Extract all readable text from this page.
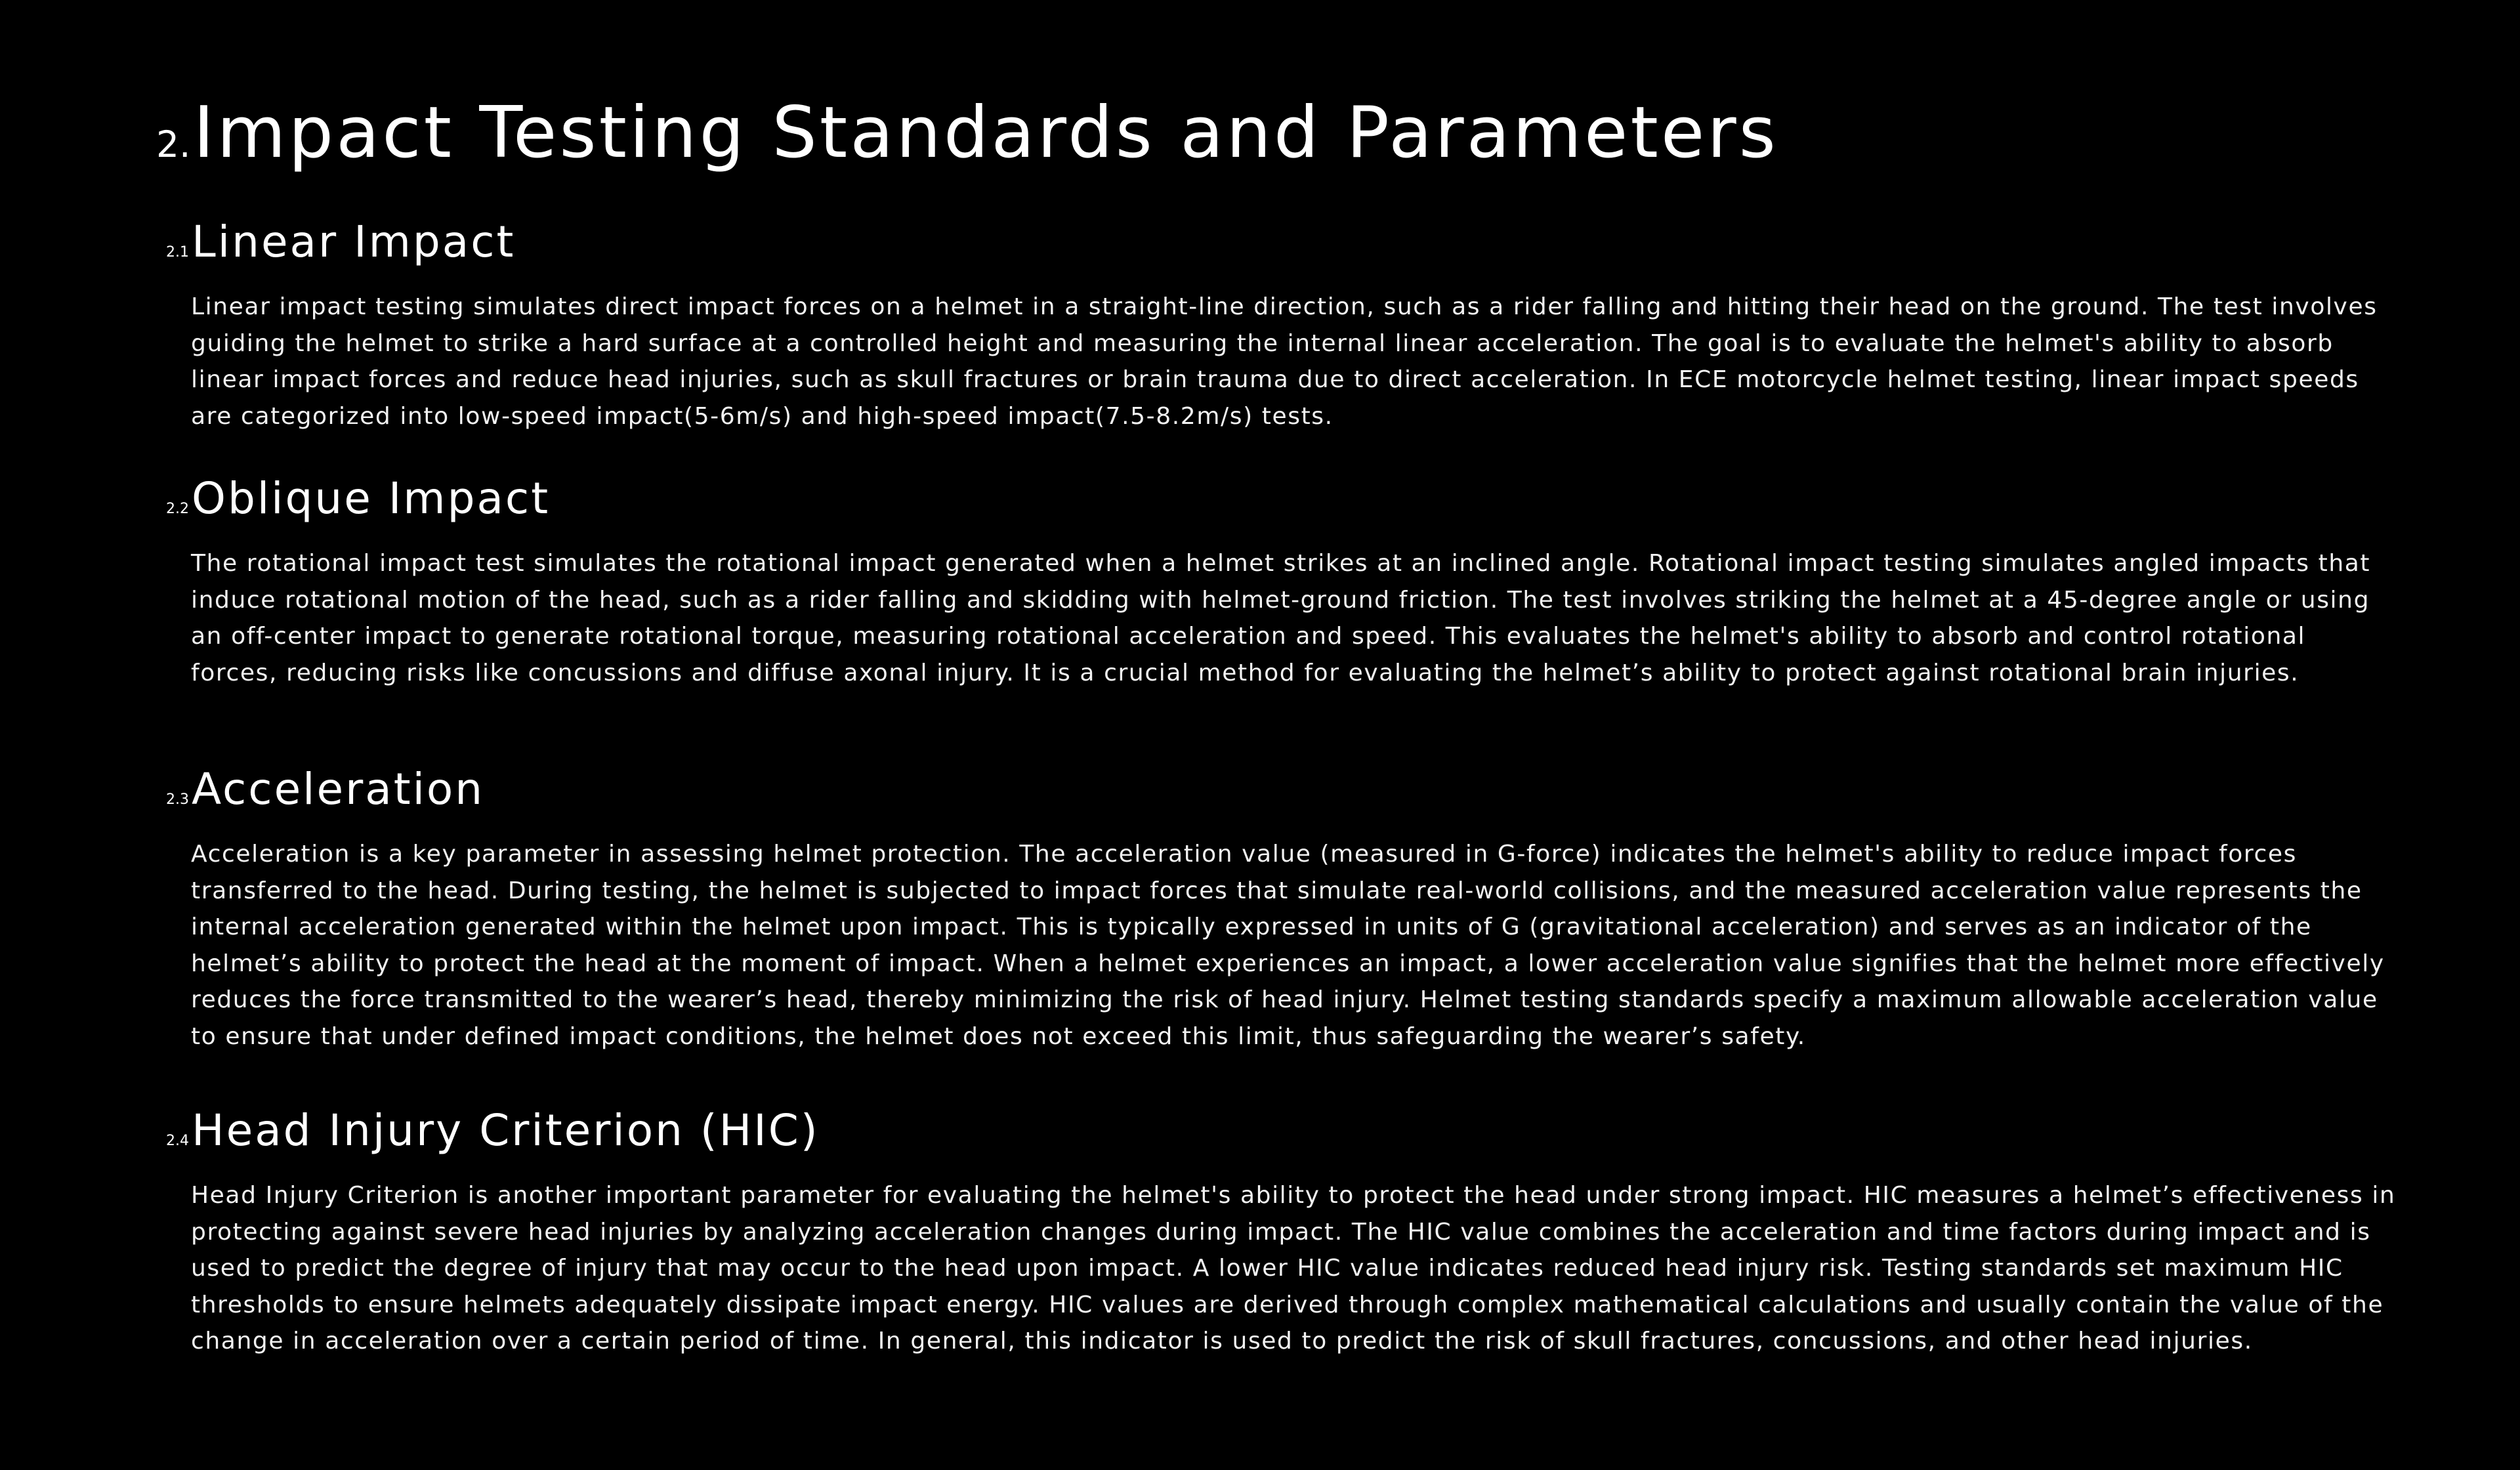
2. Impact Testing Standards and Parameters
2.1 Linear Impact

Linear impact testing simulates direct impact forces on a helmet in a straight-line direction, such as a rider falling and hitting their head on the ground. The test involves guiding the helmet to strike a hard surface at a controlled height and measuring the internal linear acceleration. The goal is to evaluate the helmet's ability to absorb linear impact forces and reduce head injuries, such as skull fractures or brain trauma due to direct acceleration. In ECE motorcycle helmet testing, linear impact speeds are categorized into low-speed impact(5-6m/s) and high-speed impact(7.5-8.2m/s) tests.

2.2 Oblique Impact

The rotational impact test simulates the rotational impact generated when a helmet strikes at an inclined angle. Rotational impact testing simulates angled impacts that induce rotational motion of the head, such as a rider falling and skidding with helmet-ground friction. The test involves striking the helmet at a 45-degree angle or using an off-center impact to generate rotational torque, measuring rotational acceleration and speed. This evaluates the helmet's ability to absorb and control rotational forces, reducing risks like concussions and diffuse axonal injury. It is a crucial method for evaluating the helmet’s ability to protect against rotational brain injuries.

2.3 Acceleration

Acceleration is a key parameter in assessing helmet protection. The acceleration value (measured in G-force) indicates the helmet's ability to reduce impact forces transferred to the head. During testing, the helmet is subjected to impact forces that simulate real-world collisions, and the measured acceleration value represents the internal acceleration generated within the helmet upon impact. This is typically expressed in units of G (gravitational acceleration) and serves as an indicator of the helmet’s ability to protect the head at the moment of impact. When a helmet experiences an impact, a lower acceleration value signifies that the helmet more effectively reduces the force transmitted to the wearer’s head, thereby minimizing the risk of head injury. Helmet testing standards specify a maximum allowable acceleration value to ensure that under defined impact conditions, the helmet does not exceed this limit, thus safeguarding the wearer’s safety.

2.4 Head Injury Criterion (HIC)

Head Injury Criterion is another important parameter for evaluating the helmet's ability to protect the head under strong impact. HIC measures a helmet’s effectiveness in protecting against severe head injuries by analyzing acceleration changes during impact. The HIC value combines the acceleration and time factors during impact and is used to predict the degree of injury that may occur to the head upon impact. A lower HIC value indicates reduced head injury risk. Testing standards set maximum HIC thresholds to ensure helmets adequately dissipate impact energy. HIC values are derived through complex mathematical calculations and usually contain the value of the change in acceleration over a certain period of time. In general, this indicator is used to predict the risk of skull fractures, concussions, and other head injuries.
